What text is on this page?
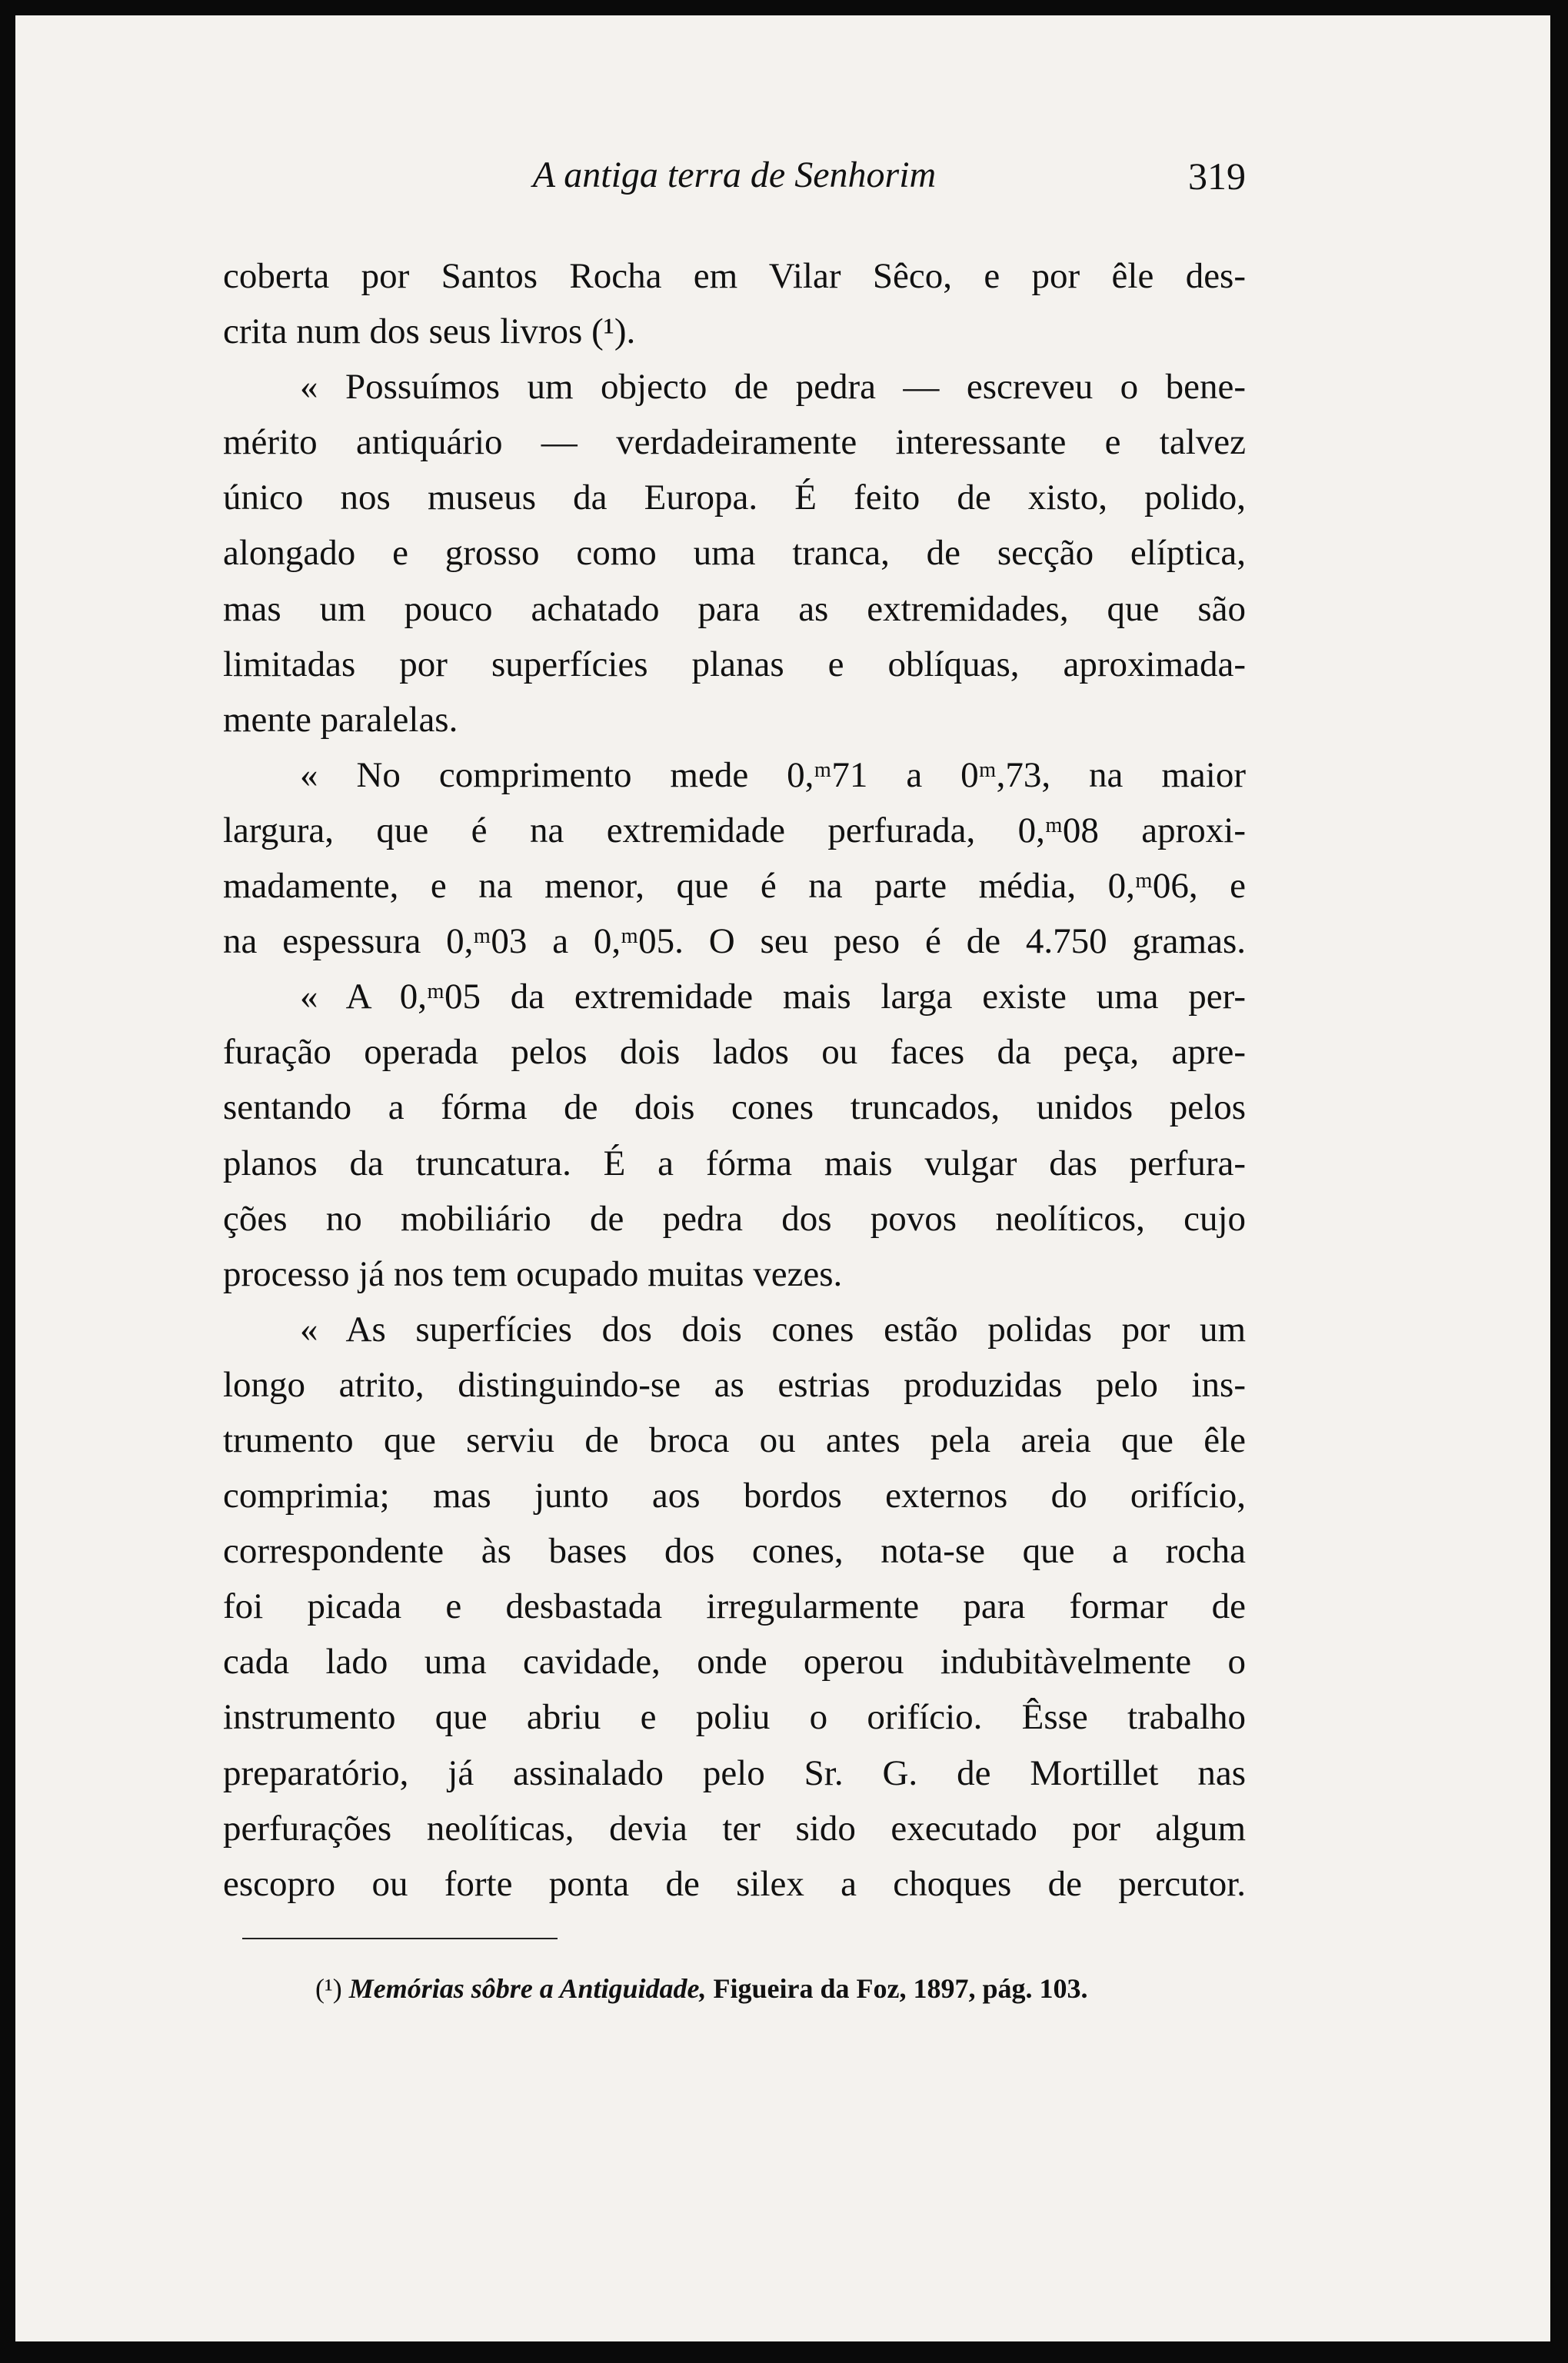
A antiga terra de Senhorim	319
coberta por Santos Rocha em Vilar Sêco, e por êle des-
crita num dos seus livros (¹).
« Possuímos um objecto de pedra — escreveu o bene-
mérito antiquário — verdadeiramente interessante e talvez
único nos museus da Europa. É feito de xisto, polido,
alongado e grosso como uma tranca, de secção elíptica,
mas um pouco achatado para as extremidades, que são
limitadas por superfícies planas e oblíquas, aproximada-
mente paralelas.
« No comprimento mede 0,ᵐ71 a 0ᵐ,73, na maior
largura, que é na extremidade perfurada, 0,ᵐ08 aproxi-
madamente, e na menor, que é na parte média, 0,ᵐ06, e
na espessura 0,ᵐ03 a 0,ᵐ05. O seu peso é de 4.750 gramas.
« A 0,ᵐ05 da extremidade mais larga existe uma per-
furação operada pelos dois lados ou faces da peça, apre-
sentando a fórma de dois cones truncados, unidos pelos
planos da truncatura. É a fórma mais vulgar das perfura-
ções no mobiliário de pedra dos povos neolíticos, cujo
processo já nos tem ocupado muitas vezes.
« As superfícies dos dois cones estão polidas por um
longo atrito, distinguindo-se as estrias produzidas pelo ins-
trumento que serviu de broca ou antes pela areia que êle
comprimia; mas junto aos bordos externos do orifício,
correspondente às bases dos cones, nota-se que a rocha
foi picada e desbastada irregularmente para formar de
cada lado uma cavidade, onde operou indubitàvelmente o
instrumento que abriu e poliu o orifício. Êsse trabalho
preparatório, já assinalado pelo Sr. G. de Mortillet nas
perfurações neolíticas, devia ter sido executado por algum
escopro ou forte ponta de silex a choques de percutor.
(¹) Memórias sôbre a Antiguidade, Figueira da Foz, 1897, pág. 103.
